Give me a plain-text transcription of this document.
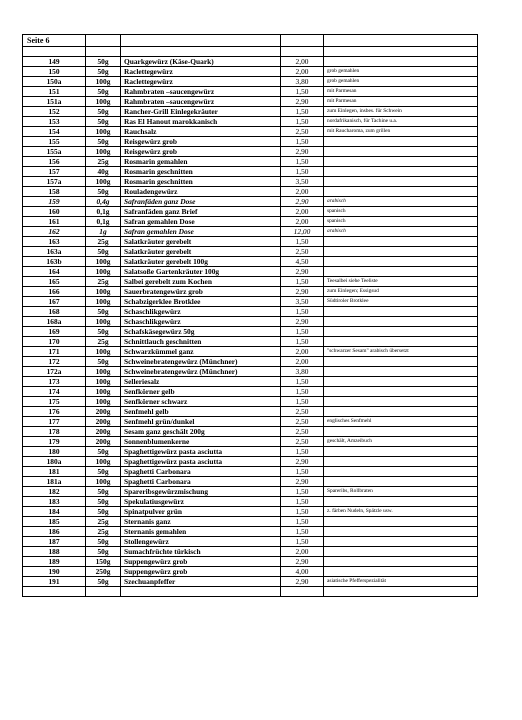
Seite 6				

149	50g	Quarkgewürz (Käse-Quark)	2,00	
150	50g	Raclettegewürz	2,00	grob gemahlen
150a	100g	Raclettegewürz	3,80	grob gemahlen
151	50g	Rahmbraten –saucengewürz	1,50	mit Parmesan
151a	100g	Rahmbraten –saucengewürz	2,90	mit Parmesan
152	50g	Rancher-Grill Einlegekräuter	1,50	zum Einlegen, insbes. für Schwein
153	50g	Ras El Hanout marokkanisch	1,50	nordafrikanisch, für Tachine u.a.
154	100g	Rauchsalz	2,50	mit Raucharoma, zum grillen
155	50g	Reisgewürz grob	1,50	
155a	100g	Reisgewürz grob	2,90	
156	25g	Rosmarin gemahlen	1,50	
157	40g	Rosmarin geschnitten	1,50	
157a	100g	Rosmarin geschnitten	3,50	
158	50g	Rouladengewürz	2,00	
159	0,4g	Safranfäden ganz Dose	2,90	arabisch
160	0,1g	Safranfäden ganz Brief	2,00	spanisch
161	0,1g	Safran gemahlen Dose	2,00	spanisch
162	1g	Safran gemahlen Dose	12,00	arabisch
163	25g	Salatkräuter gerebelt	1,50	
163a	50g	Salatkräuter gerebelt	2,50	
163b	100g	Salatkräuter gerebelt 100g	4,50	
164	100g	Salatsoße Gartenkräuter 100g	2,90	
165	25g	Salbei gerebelt zum Kochen	1,50	Teesalbei siehe Teeliste
166	100g	Sauerbratengewürz grob	2,90	zum Einlegen; Essigsud
167	100g	Schabzigerklee Brotklee	3,50	Südtiroler Brotklee
168	50g	Schaschlikgewürz	1,50	
168a	100g	Schaschlikgewürz	2,90	
169	50g	Schafskäsegewürz 50g	1,50	
170	25g	Schnittlauch geschnitten	1,50	
171	100g	Schwarzkümmel ganz	2,00	"schwarzer Sesam" arabisch übersetzt
172	50g	Schweinebratengewürz (Münchner)	2,00	
172a	100g	Schweinebratengewürz (Münchner)	3,80	
173	100g	Selleriesalz	1,50	
174	100g	Senfkörner gelb	1,50	
175	100g	Senfkörner schwarz	1,50	
176	200g	Senfmehl gelb	2,50	
177	200g	Senfmehl grün/dunkel	2,50	englisches Senfmehl
178	200g	Sesam ganz geschält 200g	2,50	
179	200g	Sonnenblumenkerne	2,50	geschält, Amzeibuch
180	50g	Spaghettigewürz pasta asciutta	1,50	
180a	100g	Spaghettigewürz pasta asciutta	2,90	
181	50g	Spaghetti Carbonara	1,50	
181a	100g	Spaghetti Carbonara	2,90	
182	50g	Spareribsgewürzmischung	1,50	Spareribs, Rollbraten
183	50g	Spekulatiusgewürz	1,50	
184	50g	Spinatpulver grün	1,50	z. färben Nudeln, Spätzle usw.
185	25g	Sternanis ganz	1,50	
186	25g	Sternanis gemahlen	1,50	
187	50g	Stollengewürz	1,50	
188	50g	Sumachfrüchte türkisch	2,00	
189	150g	Suppengewürz grob	2,90	
190	250g	Suppengewürz grob	4,00	
191	50g	Szechuanpfeffer	2,90	asiatische Pfefferspezialität
